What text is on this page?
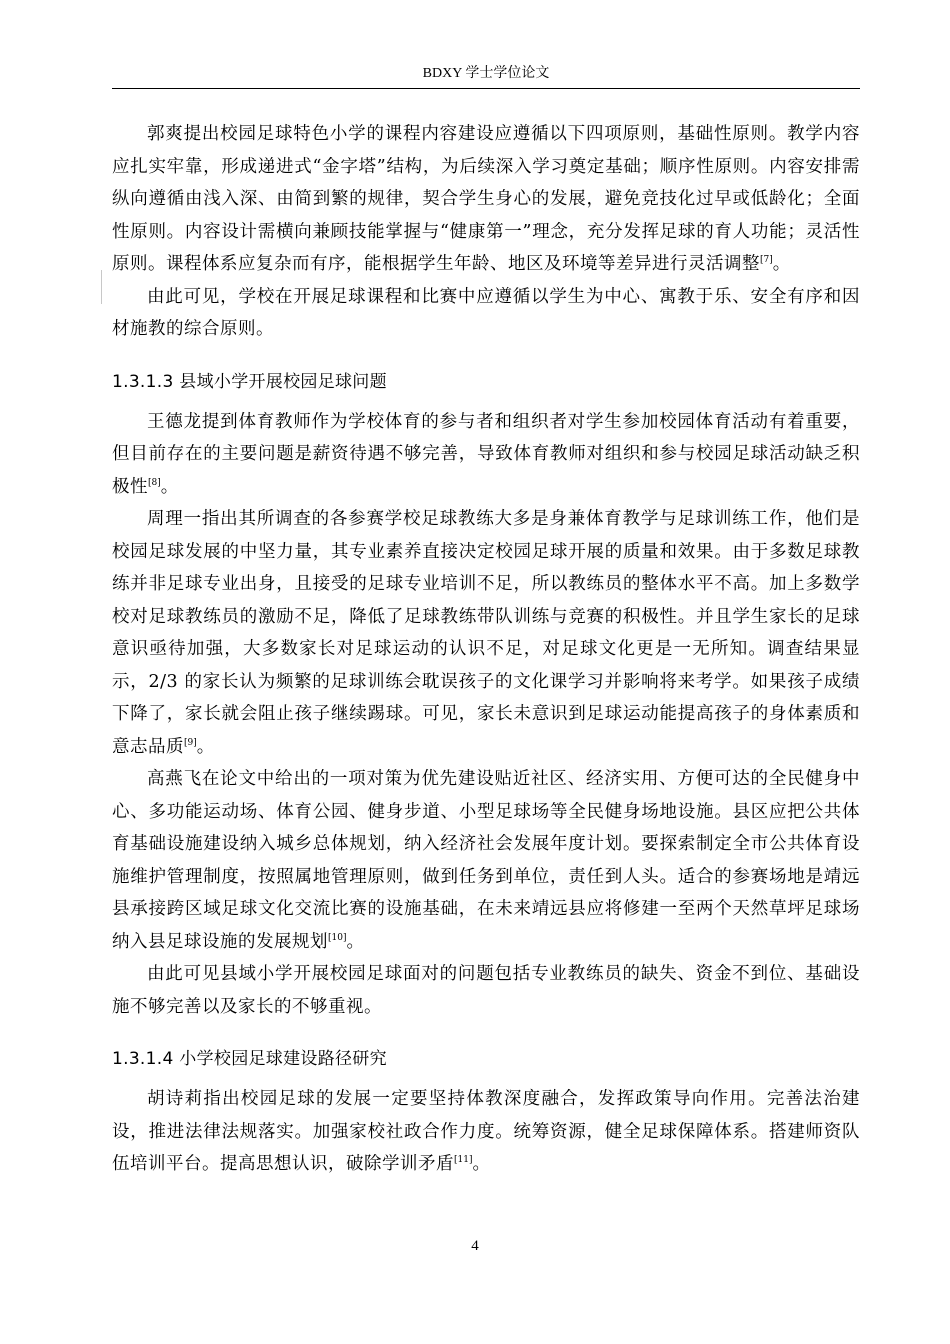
BDXY 学士学位论文

郭爽提出校园足球特色小学的课程内容建设应遵循以下四项原则，基础性原则。教学内容应扎实牢靠，形成递进式“金字塔”结构，为后续深入学习奠定基础；顺序性原则。内容安排需纵向遵循由浅入深、由简到繁的规律，契合学生身心的发展，避免竞技化过早或低龄化；全面性原则。内容设计需横向兼顾技能掌握与“健康第一”理念，充分发挥足球的育人功能；灵活性原则。课程体系应复杂而有序，能根据学生年龄、地区及环境等差异进行灵活调整[7]。

由此可见，学校在开展足球课程和比赛中应遵循以学生为中心、寓教于乐、安全有序和因材施教的综合原则。

1.3.1.3 县域小学开展校园足球问题

王德龙提到体育教师作为学校体育的参与者和组织者对学生参加校园体育活动有着重要，但目前存在的主要问题是薪资待遇不够完善，导致体育教师对组织和参与校园足球活动缺乏积极性[8]。

周理一指出其所调查的各参赛学校足球教练大多是身兼体育教学与足球训练工作，他们是校园足球发展的中坚力量，其专业素养直接决定校园足球开展的质量和效果。由于多数足球教练并非足球专业出身，且接受的足球专业培训不足，所以教练员的整体水平不高。加上多数学校对足球教练员的激励不足，降低了足球教练带队训练与竞赛的积极性。并且学生家长的足球意识亟待加强，大多数家长对足球运动的认识不足，对足球文化更是一无所知。调查结果显示，2/3 的家长认为频繁的足球训练会耽误孩子的文化课学习并影响将来考学。如果孩子成绩下降了，家长就会阻止孩子继续踢球。可见，家长未意识到足球运动能提高孩子的身体素质和意志品质[9]。

高燕飞在论文中给出的一项对策为优先建设贴近社区、经济实用、方便可达的全民健身中心、多功能运动场、体育公园、健身步道、小型足球场等全民健身场地设施。县区应把公共体育基础设施建设纳入城乡总体规划，纳入经济社会发展年度计划。要探索制定全市公共体育设施维护管理制度，按照属地管理原则，做到任务到单位，责任到人头。适合的参赛场地是靖远县承接跨区域足球文化交流比赛的设施基础，在未来靖远县应将修建一至两个天然草坪足球场纳入县足球设施的发展规划[10]。

由此可见县域小学开展校园足球面对的问题包括专业教练员的缺失、资金不到位、基础设施不够完善以及家长的不够重视。

1.3.1.4 小学校园足球建设路径研究

胡诗莉指出校园足球的发展一定要坚持体教深度融合，发挥政策导向作用。完善法治建设，推进法律法规落实。加强家校社政合作力度。统筹资源，健全足球保障体系。搭建师资队伍培训平台。提高思想认识，破除学训矛盾[11]。

4
